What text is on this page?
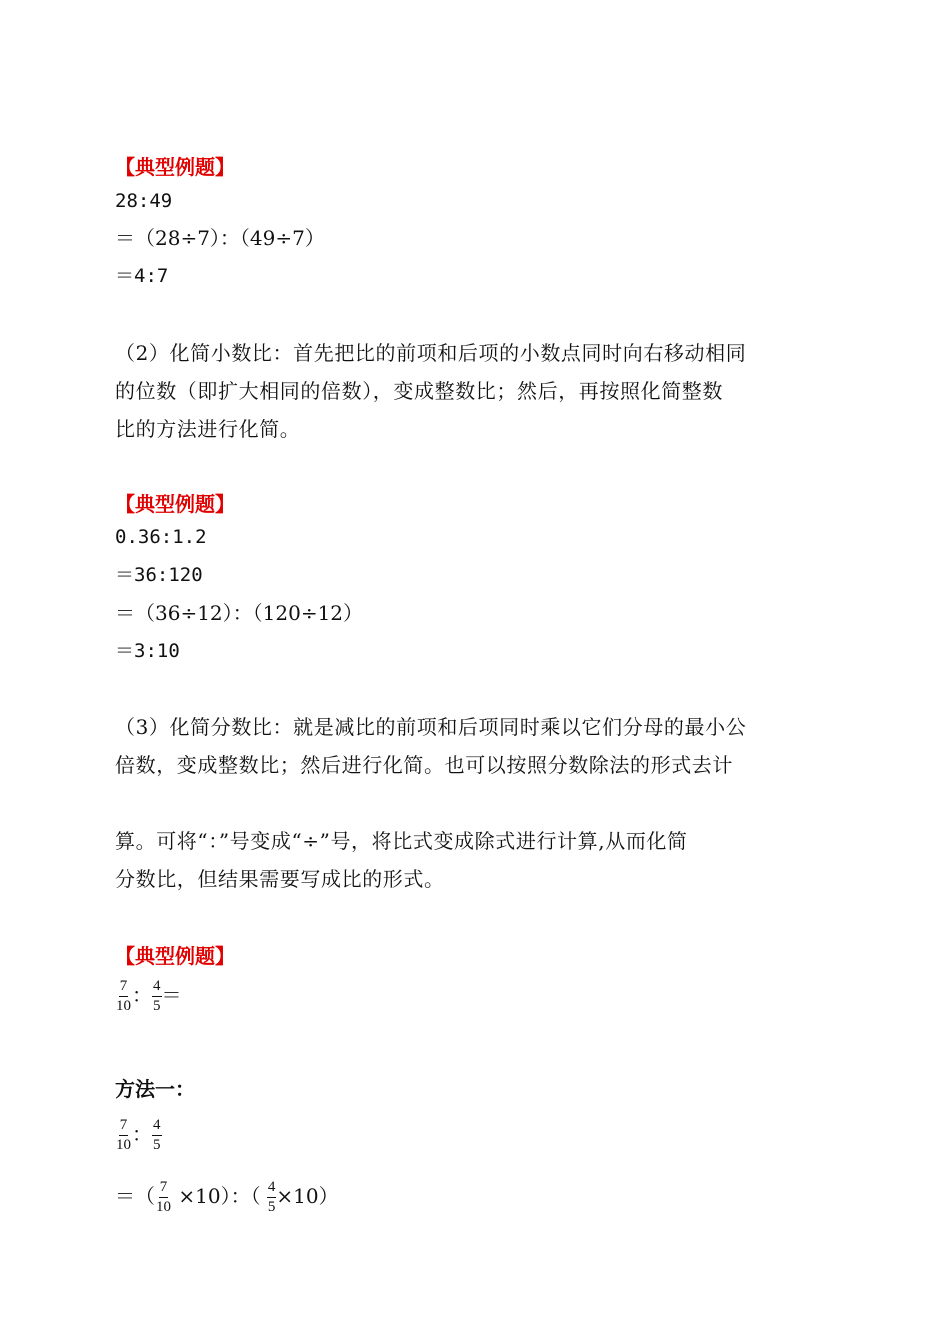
【典型例题】
28:49
＝（28÷7）：（49÷7）
＝4:7
（2）化简小数比：首先把比的前项和后项的小数点同时向右移动相同
的位数（即扩大相同的倍数），变成整数比；然后，再按照化简整数
比的方法进行化简。
【典型例题】
0.36:1.2
＝36:120
＝（36÷12）：（120÷12）
＝3:10
（3）化简分数比：就是减比的前项和后项同时乘以它们分母的最小公
倍数，变成整数比；然后进行化简。也可以按照分数除法的形式去计
算。可将“：”号变成“÷”号，将比式变成除式进行计算,从而化简
分数比，但结果需要写成比的形式。
【典型例题】
$\frac{7}{10}$ ： $\frac{4}{5}$ ＝
方法一：
$\frac{7}{10}$ ： $\frac{4}{5}$
＝（ $\frac{7}{10} \times 10$）：（ $\frac{4}{5} \times 10$）
